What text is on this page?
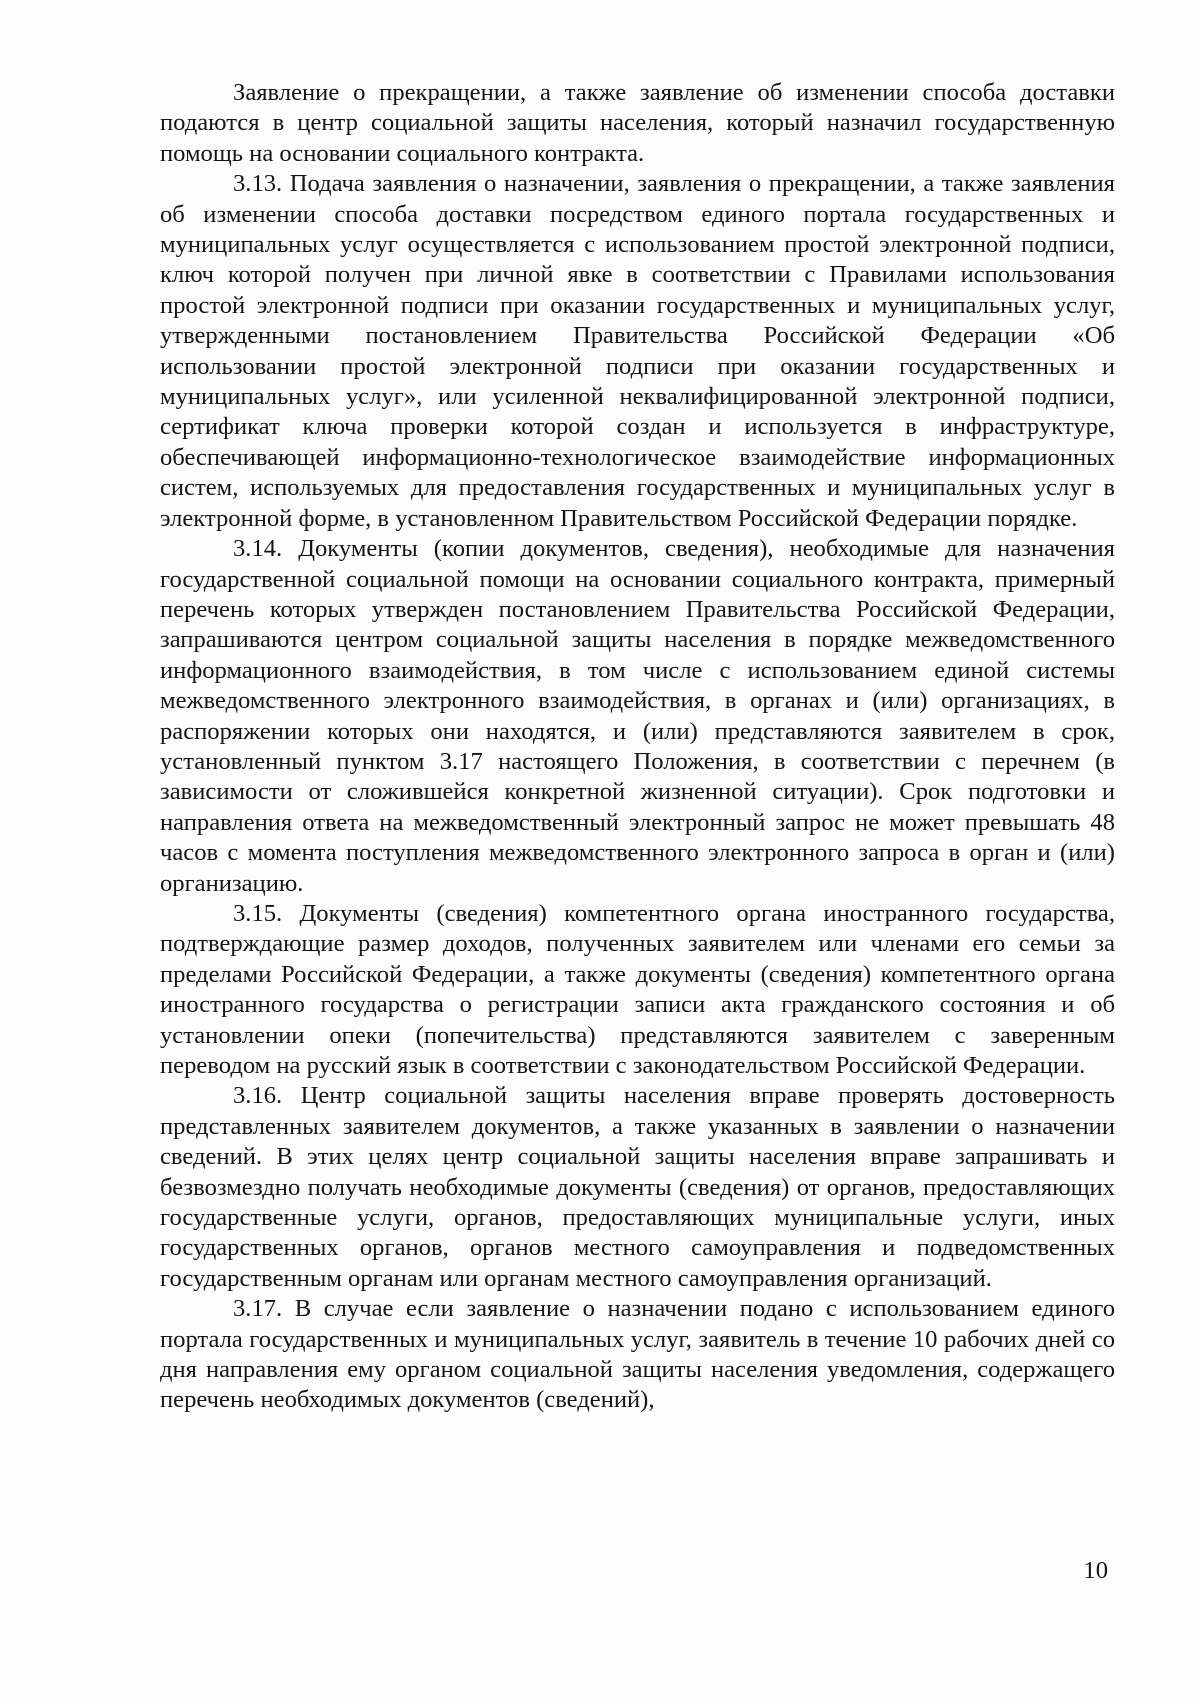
Заявление о прекращении, а также заявление об изменении способа доставки подаются в центр социальной защиты населения, который назначил государственную помощь на основании социального контракта.

3.13. Подача заявления о назначении, заявления о прекращении, а также заявления об изменении способа доставки посредством единого портала государственных и муниципальных услуг осуществляется с использованием простой электронной подписи, ключ которой получен при личной явке в соответствии с Правилами использования простой электронной подписи при оказании государственных и муниципальных услуг, утвержденными постановлением Правительства Российской Федерации «Об использовании простой электронной подписи при оказании государственных и муниципальных услуг», или усиленной неквалифицированной электронной подписи, сертификат ключа проверки которой создан и используется в инфраструктуре, обеспечивающей информационно-технологическое взаимодействие информационных систем, используемых для предоставления государственных и муниципальных услуг в электронной форме, в установленном Правительством Российской Федерации порядке.

3.14. Документы (копии документов, сведения), необходимые для назначения государственной социальной помощи на основании социального контракта, примерный перечень которых утвержден постановлением Правительства Российской Федерации, запрашиваются центром социальной защиты населения в порядке межведомственного информационного взаимодействия, в том числе с использованием единой системы межведомственного электронного взаимодействия, в органах и (или) организациях, в распоряжении которых они находятся, и (или) представляются заявителем в срок, установленный пунктом 3.17 настоящего Положения, в соответствии с перечнем (в зависимости от сложившейся конкретной жизненной ситуации). Срок подготовки и направления ответа на межведомственный электронный запрос не может превышать 48 часов с момента поступления межведомственного электронного запроса в орган и (или) организацию.

3.15. Документы (сведения) компетентного органа иностранного государства, подтверждающие размер доходов, полученных заявителем или членами его семьи за пределами Российской Федерации, а также документы (сведения) компетентного органа иностранного государства о регистрации записи акта гражданского состояния и об установлении опеки (попечительства) представляются заявителем с заверенным переводом на русский язык в соответствии с законодательством Российской Федерации.

3.16. Центр социальной защиты населения вправе проверять достоверность представленных заявителем документов, а также указанных в заявлении о назначении сведений. В этих целях центр социальной защиты населения вправе запрашивать и безвозмездно получать необходимые документы (сведения) от органов, предоставляющих государственные услуги, органов, предоставляющих муниципальные услуги, иных государственных органов, органов местного самоуправления и подведомственных государственным органам или органам местного самоуправления организаций.

3.17. В случае если заявление о назначении подано с использованием единого портала государственных и муниципальных услуг, заявитель в течение 10 рабочих дней со дня направления ему органом социальной защиты населения уведомления, содержащего перечень необходимых документов (сведений),

10
